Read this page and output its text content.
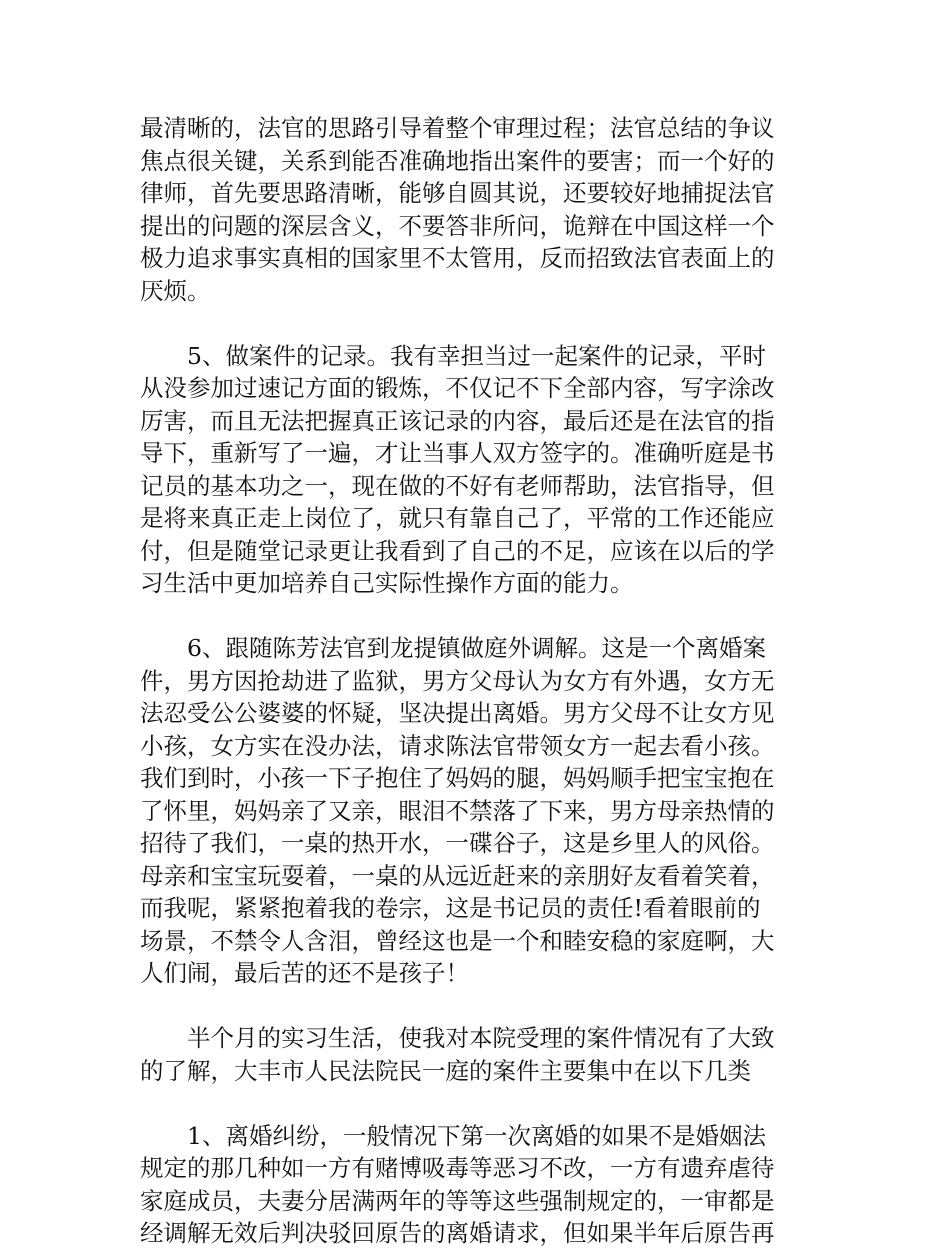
最清晰的，法官的思路引导着整个审理过程；法官总结的争议
焦点很关键，关系到能否准确地指出案件的要害；而一个好的
律师，首先要思路清晰，能够自圆其说，还要较好地捕捉法官
提出的问题的深层含义，不要答非所问，诡辩在中国这样一个
极力追求事实真相的国家里不太管用，反而招致法官表面上的
厌烦。

　　5、做案件的记录。我有幸担当过一起案件的记录，平时
从没参加过速记方面的锻炼，不仅记不下全部内容，写字涂改
厉害，而且无法把握真正该记录的内容，最后还是在法官的指
导下，重新写了一遍，才让当事人双方签字的。准确听庭是书
记员的基本功之一，现在做的不好有老师帮助，法官指导，但
是将来真正走上岗位了，就只有靠自己了，平常的工作还能应
付，但是随堂记录更让我看到了自己的不足，应该在以后的学
习生活中更加培养自己实际性操作方面的能力。

　　6、跟随陈芳法官到龙提镇做庭外调解。这是一个离婚案
件，男方因抢劫进了监狱，男方父母认为女方有外遇，女方无
法忍受公公婆婆的怀疑，坚决提出离婚。男方父母不让女方见
小孩，女方实在没办法，请求陈法官带领女方一起去看小孩。
我们到时，小孩一下子抱住了妈妈的腿，妈妈顺手把宝宝抱在
了怀里，妈妈亲了又亲，眼泪不禁落了下来，男方母亲热情的
招待了我们，一桌的热开水，一碟谷子，这是乡里人的风俗。
母亲和宝宝玩耍着，一桌的从远近赶来的亲朋好友看着笑着，
而我呢，紧紧抱着我的卷宗，这是书记员的责任!看着眼前的
场景，不禁令人含泪，曾经这也是一个和睦安稳的家庭啊，大
人们闹，最后苦的还不是孩子！

　　半个月的实习生活，使我对本院受理的案件情况有了大致
的了解，大丰市人民法院民一庭的案件主要集中在以下几类

　　1、离婚纠纷，一般情况下第一次离婚的如果不是婚姻法
规定的那几种如一方有赌博吸毒等恶习不改，一方有遗弃虐待
家庭成员，夫妻分居满两年的等等这些强制规定的，一审都是
经调解无效后判决驳回原告的离婚请求，但如果半年后原告再
